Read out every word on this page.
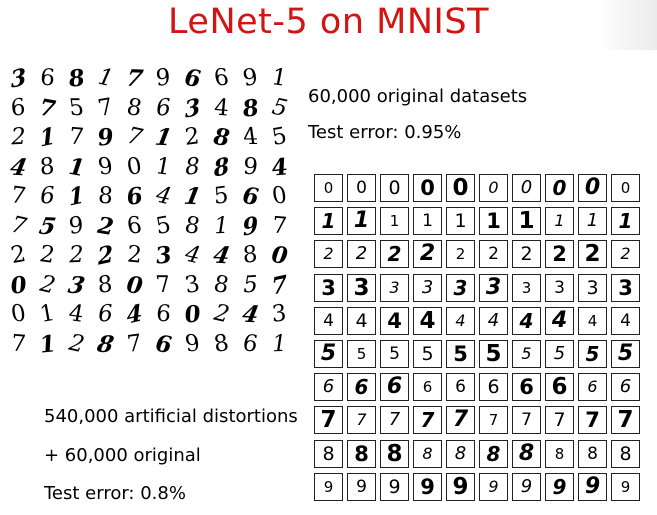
LeNet-5 on MNIST
3 6 8 1 7 9 6 6 9 1
6 7 5 7 8 6 3 4 8 5
2 1 7 9 7 1 2 8 4 5
4 8 1 9 0 1 8 8 9 4
7 6 1 8 6 4 1 5 6 0
7 5 9 2 6 5 8 1 9 7
2 2 2 2 2 3 4 4 8 0
0 2 3 8 0 7 3 8 5 7
0 1 4 6 4 6 0 2 4 3
7 1 2 8 7 6 9 8 6 1
60,000 original datasets
Test error: 0.95%
0	0	0 0 0	0	0	0 0	0
1 1	1	1	1 1 1	1	1	1
2	2	2 2	2	2	2 2 2	2
3 3	3	3	3 3	3	3	3 3
4	4 4 4	4	4	4 4	4	4
5	5	5	5 5 5	5	5	5 5
6	6 6	6	6	6 6 6	6	6
7	7	7	7 7	7	7	7 7 7
8 8 8	8	8	8 8	8	8	8
9	9	9 9 9	9	9	9 9	9
540,000 artificial distortions
+ 60,000 original
Test error: 0.8%
